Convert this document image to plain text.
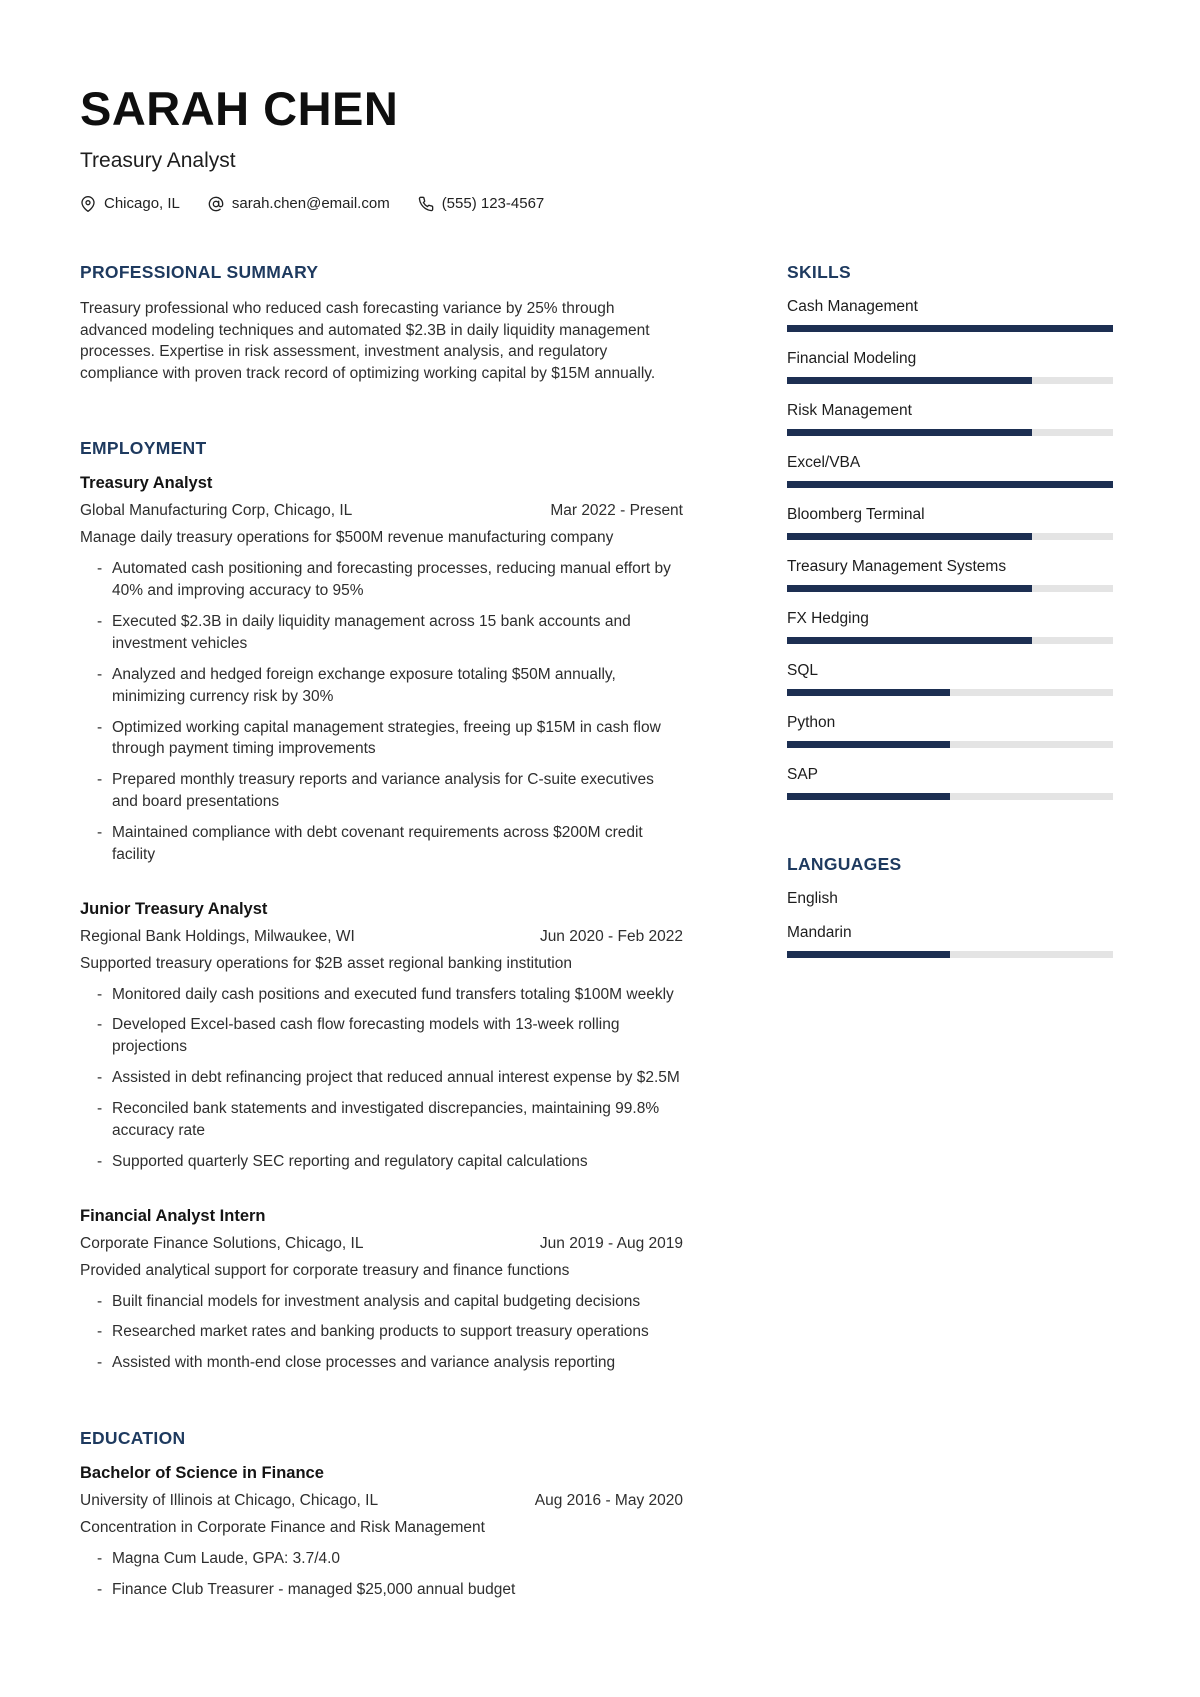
SARAH CHEN
Treasury Analyst
Chicago, IL	sarah.chen@email.com	(555) 123-4567
PROFESSIONAL SUMMARY

Treasury professional who reduced cash forecasting variance by 25% through advanced modeling techniques and automated $2.3B in daily liquidity management processes. Expertise in risk assessment, investment analysis, and regulatory compliance with proven track record of optimizing working capital by $15M annually.

EMPLOYMENT
Treasury Analyst
Global Manufacturing Corp, Chicago, IL	Mar 2022 - Present
Manage daily treasury operations for $500M revenue manufacturing company
- Automated cash positioning and forecasting processes, reducing manual effort by 40% and improving accuracy to 95%
- Executed $2.3B in daily liquidity management across 15 bank accounts and investment vehicles
- Analyzed and hedged foreign exchange exposure totaling $50M annually, minimizing currency risk by 30%
- Optimized working capital management strategies, freeing up $15M in cash flow through payment timing improvements
- Prepared monthly treasury reports and variance analysis for C-suite executives and board presentations
- Maintained compliance with debt covenant requirements across $200M credit facility
Junior Treasury Analyst
Regional Bank Holdings, Milwaukee, WI	Jun 2020 - Feb 2022
Supported treasury operations for $2B asset regional banking institution
- Monitored daily cash positions and executed fund transfers totaling $100M weekly
- Developed Excel-based cash flow forecasting models with 13-week rolling projections
- Assisted in debt refinancing project that reduced annual interest expense by $2.5M
- Reconciled bank statements and investigated discrepancies, maintaining 99.8% accuracy rate
- Supported quarterly SEC reporting and regulatory capital calculations
Financial Analyst Intern
Corporate Finance Solutions, Chicago, IL	Jun 2019 - Aug 2019
Provided analytical support for corporate treasury and finance functions
- Built financial models for investment analysis and capital budgeting decisions
- Researched market rates and banking products to support treasury operations
- Assisted with month-end close processes and variance analysis reporting
EDUCATION
Bachelor of Science in Finance
University of Illinois at Chicago, Chicago, IL	Aug 2016 - May 2020
Concentration in Corporate Finance and Risk Management
- Magna Cum Laude, GPA: 3.7/4.0
- Finance Club Treasurer - managed $25,000 annual budget
SKILLS
Cash Management
Financial Modeling
Risk Management
Excel/VBA
Bloomberg Terminal
Treasury Management Systems
FX Hedging
SQL
Python
SAP
LANGUAGES
English
Mandarin
